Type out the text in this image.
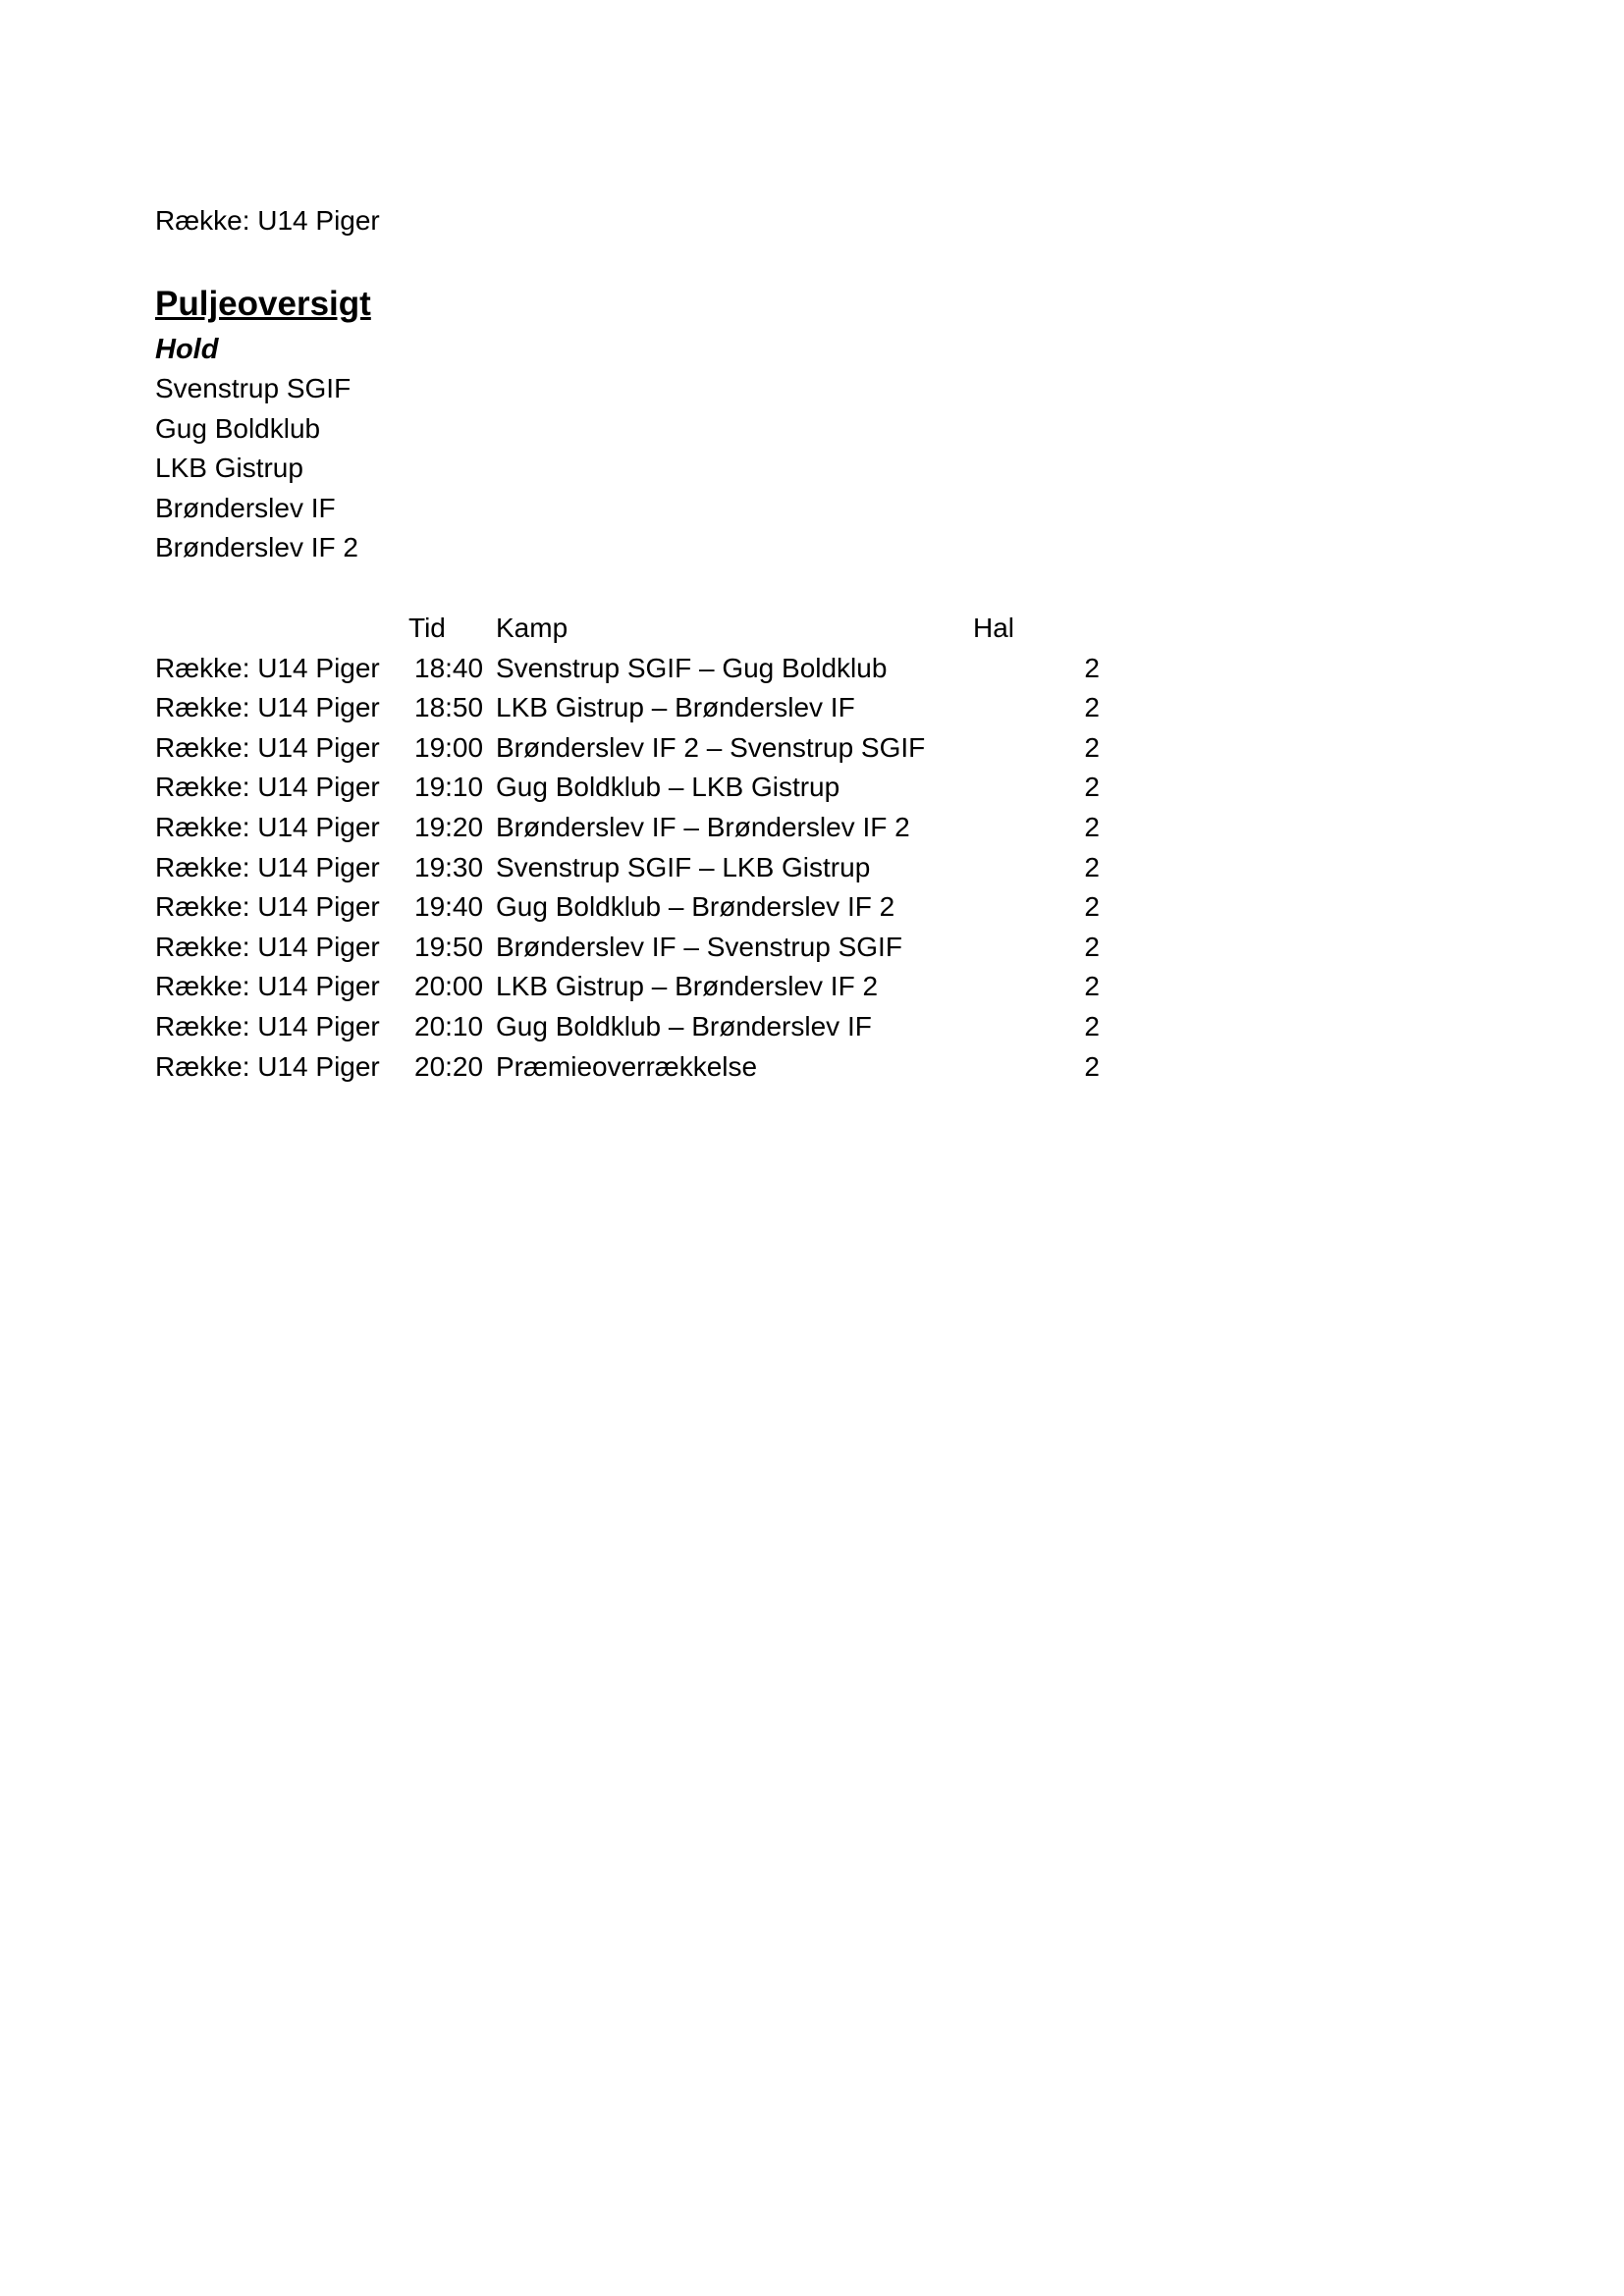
Række: U14 Piger
Puljeoversigt
Hold
Svenstrup SGIF
Gug Boldklub
LKB Gistrup
Brønderslev IF
Brønderslev IF 2
Tid Kamp	Hal
Række: U14 Piger 18:40 Svenstrup SGIF – Gug Boldklub	2
Række: U14 Piger 18:50 LKB Gistrup – Brønderslev IF	2
Række: U14 Piger 19:00 Brønderslev IF 2 – Svenstrup SGIF	2
Række: U14 Piger 19:10 Gug Boldklub – LKB Gistrup	2
Række: U14 Piger 19:20 Brønderslev IF – Brønderslev IF 2	2
Række: U14 Piger 19:30 Svenstrup SGIF – LKB Gistrup	2
Række: U14 Piger 19:40 Gug Boldklub – Brønderslev IF 2	2
Række: U14 Piger 19:50 Brønderslev IF – Svenstrup SGIF	2
Række: U14 Piger 20:00 LKB Gistrup – Brønderslev IF 2	2
Række: U14 Piger 20:10 Gug Boldklub – Brønderslev IF	2
Række: U14 Piger 20:20 Præmieoverrækkelse	2
